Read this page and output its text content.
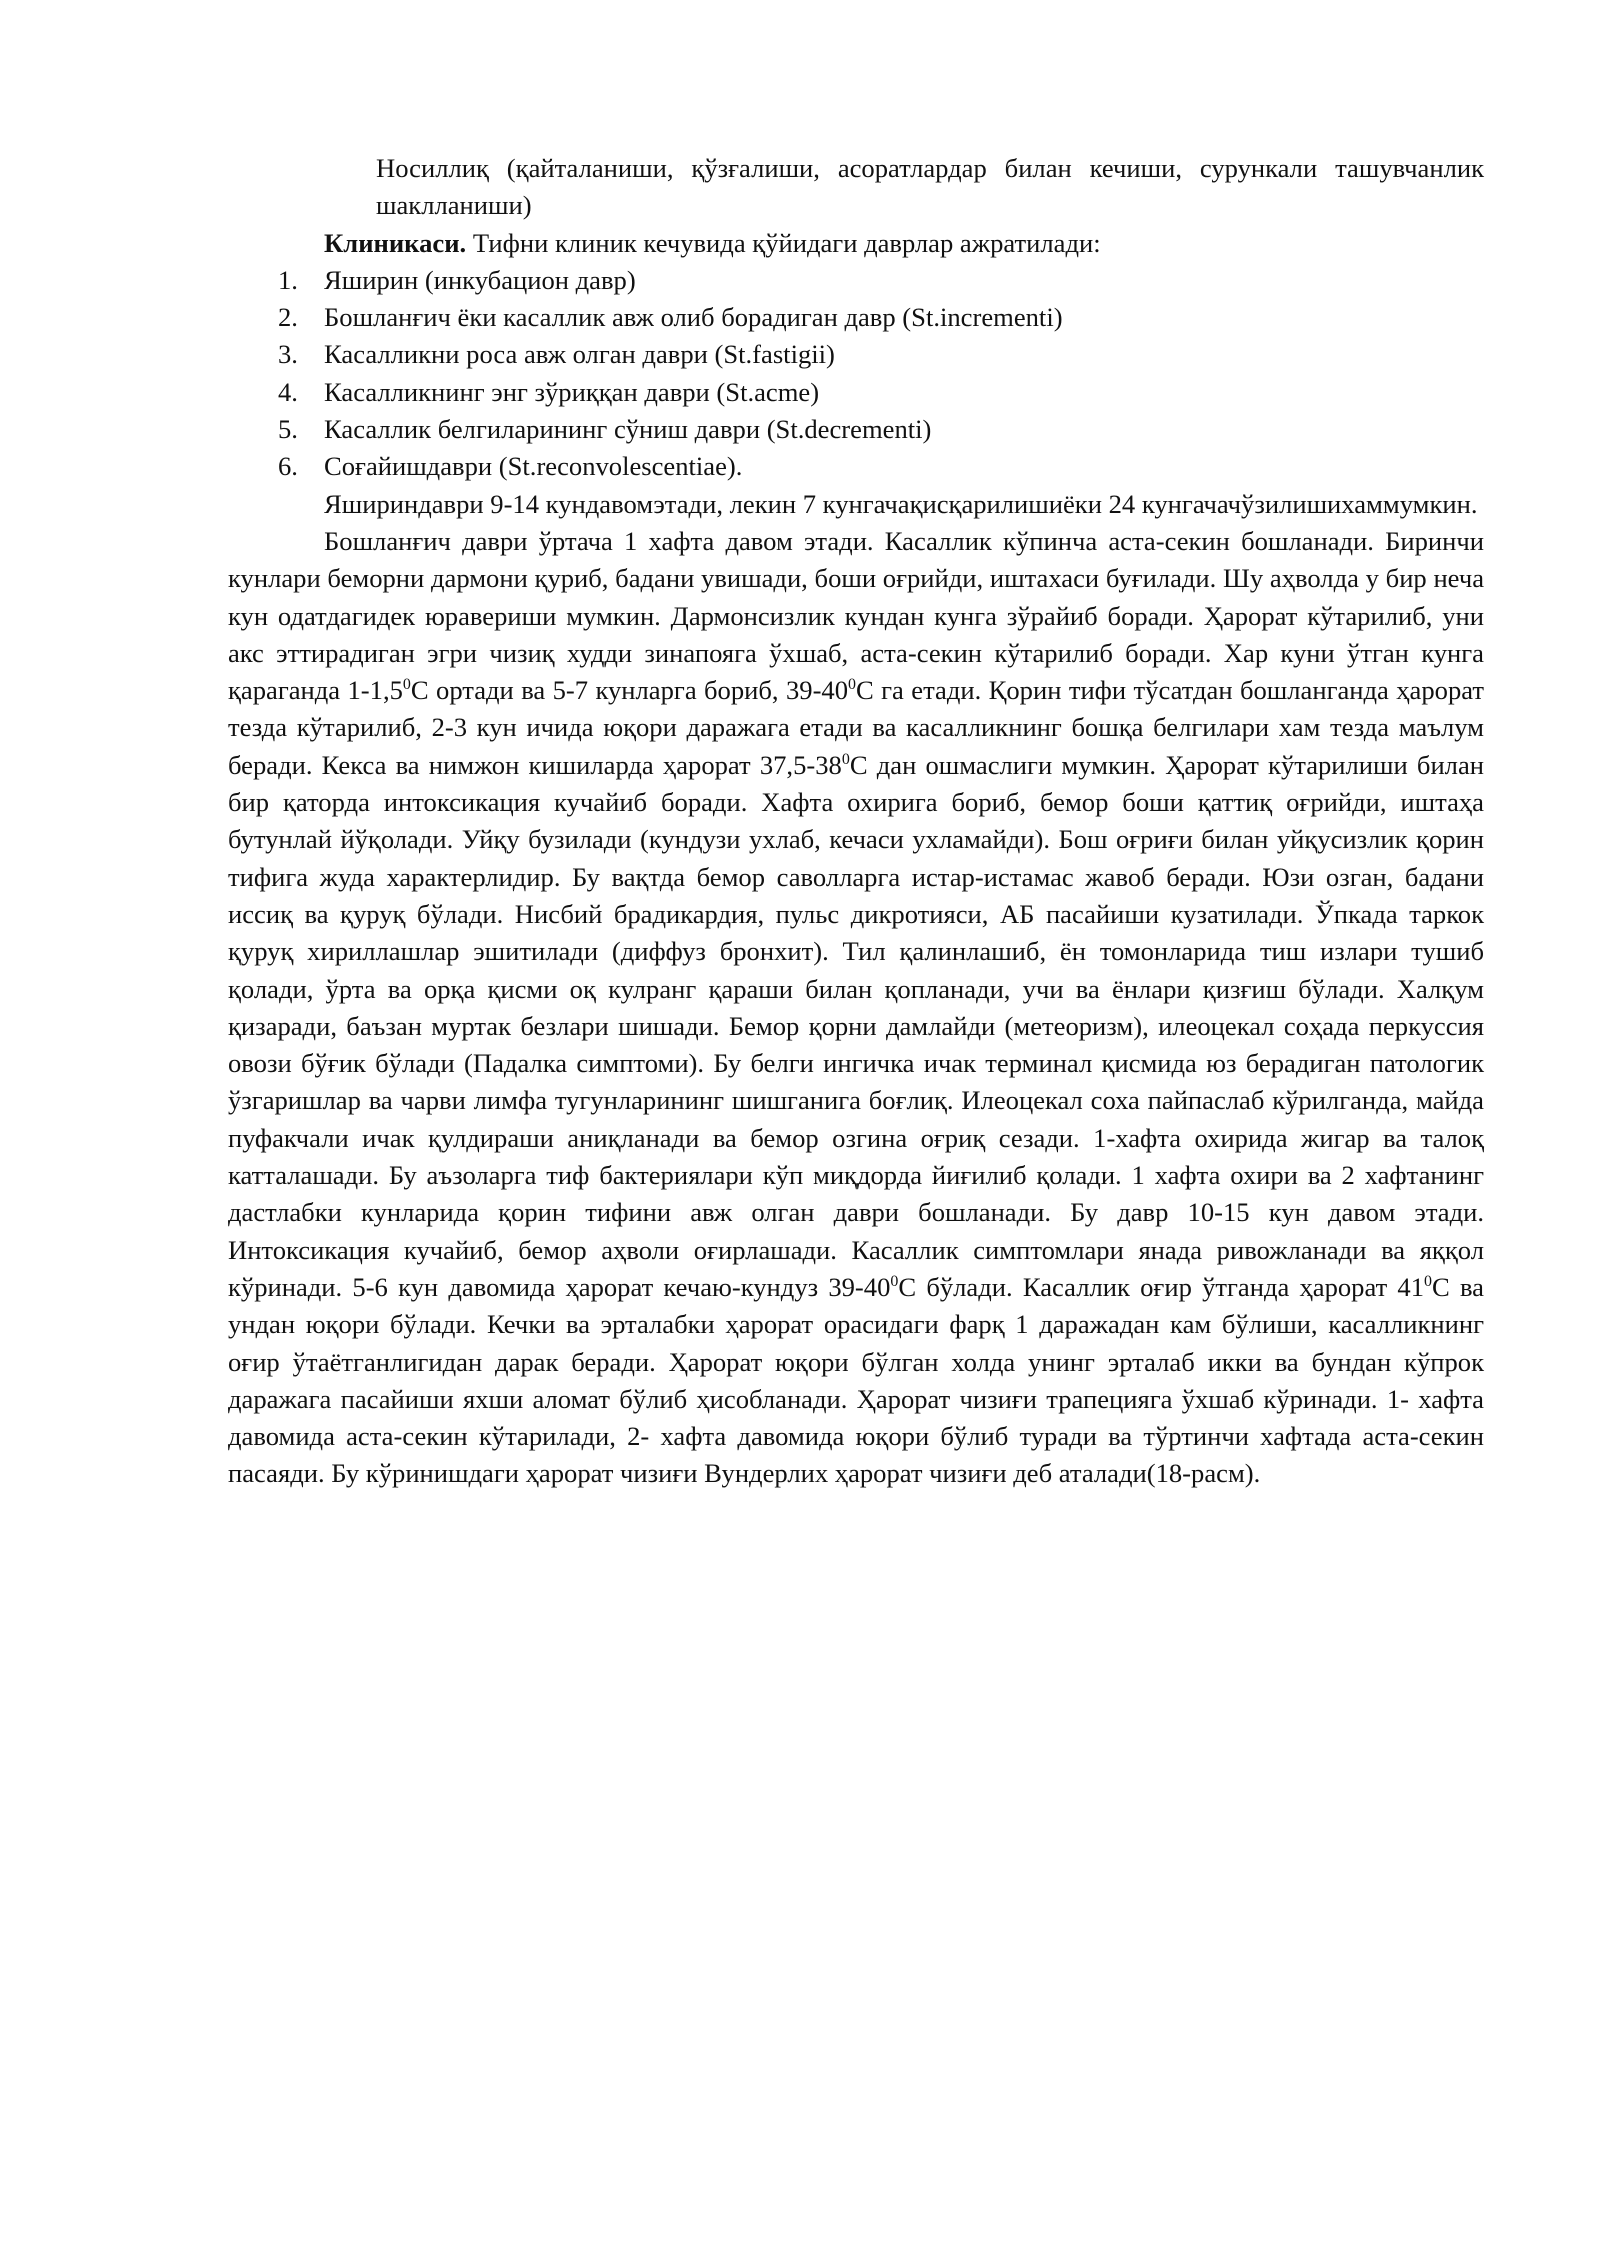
Носиллиқ (қайталаниши, қўзғалиши, асоратлардар билан кечиши, сурункали ташувчанлик шаклланиши)

Клиникаси. Тифни клиник кечувида қўйидаги даврлар ажратилади:

1. Яширин (инкубацион давр)
2. Бошланғич ёки касаллик авж олиб борадиган давр (St.incrementi)
3. Касалликни роса авж олган даври (St.fastigii)
4. Касалликнинг энг зўриққан даври (St.acme)
5. Касаллик белгиларининг сўниш даври (St.decrementi)
6. Соғайишдаври (St.reconvolescentiae).

Яшириндаври 9-14 кундавомэтади, лекин 7 кунгачақисқарилишиёки 24 кунгачачўзилишихаммумкин.

Бошланғич даври ўртача 1 хафта давом этади. Касаллик кўпинча аста-секин бошланади. Биринчи кунлари беморни дармони қуриб, бадани увишади, боши оғрийди, иштахаси буғилади. Шу аҳволда у бир неча кун одатдагидек юравериши мумкин. Дармонсизлик кундан кунга зўрайиб боради. Ҳарорат кўтарилиб, уни акс эттирадиган эгри чизиқ худди зинапояга ўхшаб, аста-секин кўтарилиб боради. Хар куни ўтган кунга қараганда $1-1,5^0С$ ортади ва 5-7 кунларга бориб, $39-40^0С$ га етади. Қорин тифи тўсатдан бошланганда ҳарорат тезда кўтарилиб, 2-3 кун ичида юқори даражага етади ва касалликнинг бошқа белгилари хам тезда маълум беради. Кекса ва нимжон кишиларда ҳарорат $37,5-38^0С$ дан ошмаслиги мумкин. Ҳарорат кўтарилиши билан бир қаторда интоксикация кучайиб боради. Хафта охирига бориб, бемор боши қаттиқ оғрийди, иштаҳа бутунлай йўқолади. Уйқу бузилади (кундузи ухлаб, кечаси ухламайди). Бош оғриғи билан уйқусизлик қорин тифига жуда характерлидир. Бу вақтда бемор саволларга истар-истамас жавоб беради. Юзи озган, бадани иссиқ ва қуруқ бўлади. Нисбий брадикардия, пульс дикротияси, АБ пасайиши кузатилади. Ўпкада таркок қуруқ хириллашлар эшитилади (диффуз бронхит). Тил қалинлашиб, ён томонларида тиш излари тушиб қолади, ўрта ва орқа қисми оқ кулранг қараши билан қопланади, учи ва ёнлари қизғиш бўлади. Халқум қизаради, баъзан муртак безлари шишади. Бемор қорни дамлайди (метеоризм), илеоцекал соҳада перкуссия овози бўғик бўлади (Падалка симптоми). Бу белги ингичка ичак терминал қисмида юз берадиган патологик ўзгаришлар ва чарви лимфа тугунларининг шишганига боғлиқ. Илеоцекал соха пайпаслаб кўрилганда, майда пуфакчали ичак қулдираши аниқланади ва бемор озгина оғриқ сезади. 1-хафта охирида жигар ва талоқ катталашади. Бу аъзоларга тиф бактериялари кўп миқдорда йиғилиб қолади. 1 хафта охири ва 2 хафтанинг дастлабки кунларида қорин тифини авж олган даври бошланади. Бу давр 10-15 кун давом этади. Интоксикация кучайиб, бемор аҳволи оғирлашади. Касаллик симптомлари янада ривожланади ва яққол кўринади. 5-6 кун давомида ҳарорат кечаю-кундуз $39-40^0С$ бўлади. Касаллик оғир ўтганда ҳарорат $41^0С$ ва ундан юқори бўлади. Кечки ва эрталабки ҳарорат орасидаги фарқ 1 даражадан кам бўлиши, касалликнинг оғир ўтаётганлигидан дарак беради. Ҳарорат юқори бўлган холда унинг эрталаб икки ва бундан кўпрок даражага пасайиши яхши аломат бўлиб ҳисобланади. Ҳарорат чизиғи трапецияга ўхшаб кўринади. 1- хафта давомида аста-секин кўтарилади, 2- хафта давомида юқори бўлиб туради ва тўртинчи хафтада аста-секин пасаяди. Бу кўринишдаги ҳарорат чизиғи Вундерлих ҳарорат чизиғи деб аталади(18-расм).
